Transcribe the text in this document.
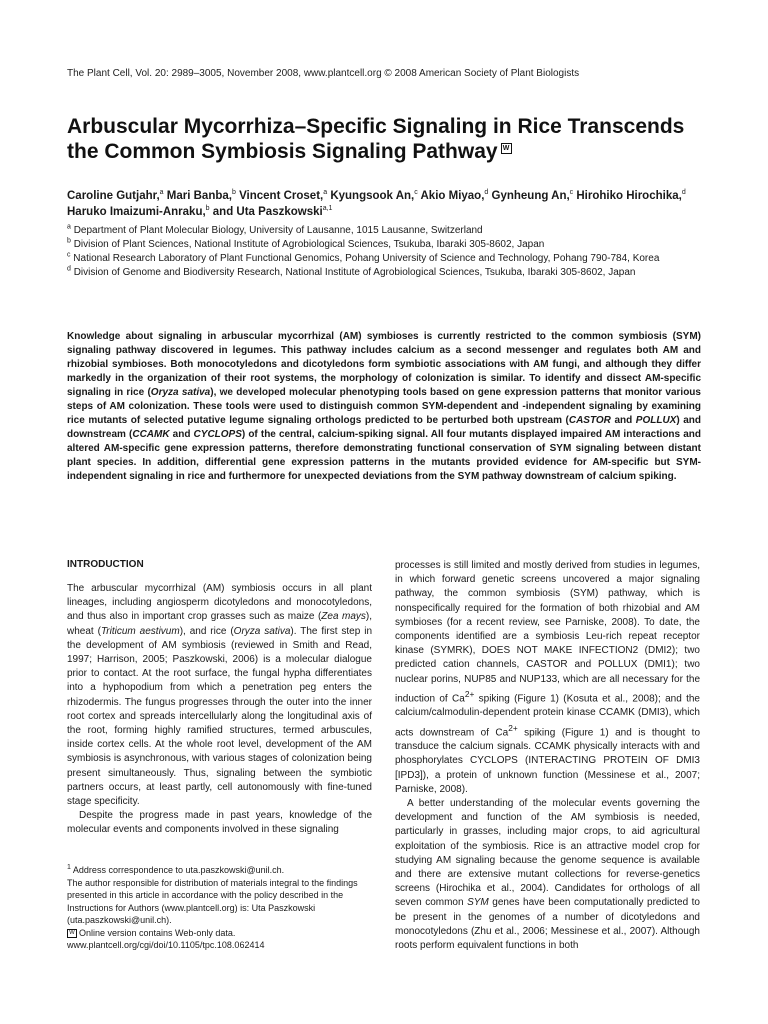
The Plant Cell, Vol. 20: 2989–3005, November 2008, www.plantcell.org © 2008 American Society of Plant Biologists
Arbuscular Mycorrhiza–Specific Signaling in Rice Transcends
the Common Symbiosis Signaling Pathway W
Caroline Gutjahr,$^a$ Mari Banba,$^b$ Vincent Croset,$^a$ Kyungsook An,$^c$ Akio Miyao,$^d$ Gynheung An,$^c$ Hirohiko Hirochika,$^d$
Haruko Imaizumi-Anraku,$^b$ and Uta Paszkowski$^{a,1}$

$^a$ Department of Plant Molecular Biology, University of Lausanne, 1015 Lausanne, Switzerland

$^b$ Division of Plant Sciences, National Institute of Agrobiological Sciences, Tsukuba, Ibaraki 305-8602, Japan

$^c$ National Research Laboratory of Plant Functional Genomics, Pohang University of Science and Technology, Pohang 790-784, Korea

$^d$ Division of Genome and Biodiversity Research, National Institute of Agrobiological Sciences, Tsukuba, Ibaraki 305-8602, Japan

Knowledge about signaling in arbuscular mycorrhizal (AM) symbioses is currently restricted to the common symbiosis (SYM) signaling pathway discovered in legumes. This pathway includes calcium as a second messenger and regulates both AM and rhizobial symbioses. Both monocotyledons and dicotyledons form symbiotic associations with AM fungi, and although they differ markedly in the organization of their root systems, the morphology of colonization is similar. To identify and dissect AM-specific signaling in rice (Oryza sativa), we developed molecular phenotyping tools based on gene expression patterns that monitor various steps of AM colonization. These tools were used to distinguish common SYM-dependent and -independent signaling by examining rice mutants of selected putative legume signaling orthologs predicted to be perturbed both upstream (CASTOR and POLLUX) and downstream (CCAMK and CYCLOPS) of the central, calcium-spiking signal. All four mutants displayed impaired AM interactions and altered AM-specific gene expression patterns, therefore demonstrating functional conservation of SYM signaling between distant plant species. In addition, differential gene expression patterns in the mutants provided evidence for AM-specific but SYM-independent signaling in rice and furthermore for unexpected deviations from the SYM pathway downstream of calcium spiking.
INTRODUCTION

The arbuscular mycorrhizal (AM) symbiosis occurs in all plant lineages, including angiosperm dicotyledons and monocotyledons, and thus also in important crop grasses such as maize (Zea mays), wheat (Triticum aestivum), and rice (Oryza sativa). The first step in the development of AM symbiosis (reviewed in Smith and Read, 1997; Harrison, 2005; Paszkowski, 2006) is a molecular dialogue prior to contact. At the root surface, the fungal hypha differentiates into a hyphopodium from which a penetration peg enters the rhizodermis. The fungus progresses through the outer into the inner root cortex and spreads intercellularly along the longitudinal axis of the root, forming highly ramified structures, termed arbuscules, inside cortex cells. At the whole root level, development of the AM symbiosis is asynchronous, with various stages of colonization being present simultaneously. Thus, signaling between the symbiotic partners occurs, at least partly, cell autonomously with fine-tuned stage specificity.

Despite the progress made in past years, knowledge of the molecular events and components involved in these signaling

processes is still limited and mostly derived from studies in legumes, in which forward genetic screens uncovered a major signaling pathway, the common symbiosis (SYM) pathway, which is nonspecifically required for the formation of both rhizobial and AM symbioses (for a recent review, see Parniske, 2008). To date, the components identified are a symbiosis Leu-rich repeat receptor kinase (SYMRK), DOES NOT MAKE INFECTION2 (DMI2); two predicted cation channels, CASTOR and POLLUX (DMI1); two nuclear porins, NUP85 and NUP133, which are all necessary for the induction of $Ca^{2+}$ spiking (Figure 1) (Kosuta et al., 2008); and the calcium/calmodulin-dependent protein kinase CCAMK (DMI3), which acts downstream of $Ca^{2+}$ spiking (Figure 1) and is thought to transduce the calcium signals. CCAMK physically interacts with and phosphorylates CYCLOPS (INTERACTING PROTEIN OF DMI3 [IPD3]), a protein of unknown function (Messinese et al., 2007; Parniske, 2008).

A better understanding of the molecular events governing the development and function of the AM symbiosis is needed, particularly in grasses, including major crops, to aid agricultural exploitation of the symbiosis. Rice is an attractive model crop for studying AM signaling because the genome sequence is available and there are extensive mutant collections for reverse-genetics screens (Hirochika et al., 2004). Candidates for orthologs of all seven common SYM genes have been computationally predicted to be present in the genomes of a number of dicotyledons and monocotyledons (Zhu et al., 2006; Messinese et al., 2007). Although roots perform equivalent functions in both

$^1$ Address correspondence to uta.paszkowski@unil.ch.

The author responsible for distribution of materials integral to the findings presented in this article in accordance with the policy described in the Instructions for Authors (www.plantcell.org) is: Uta Paszkowski (uta.paszkowski@unil.ch).

W Online version contains Web-only data.

www.plantcell.org/cgi/doi/10.1105/tpc.108.062414
